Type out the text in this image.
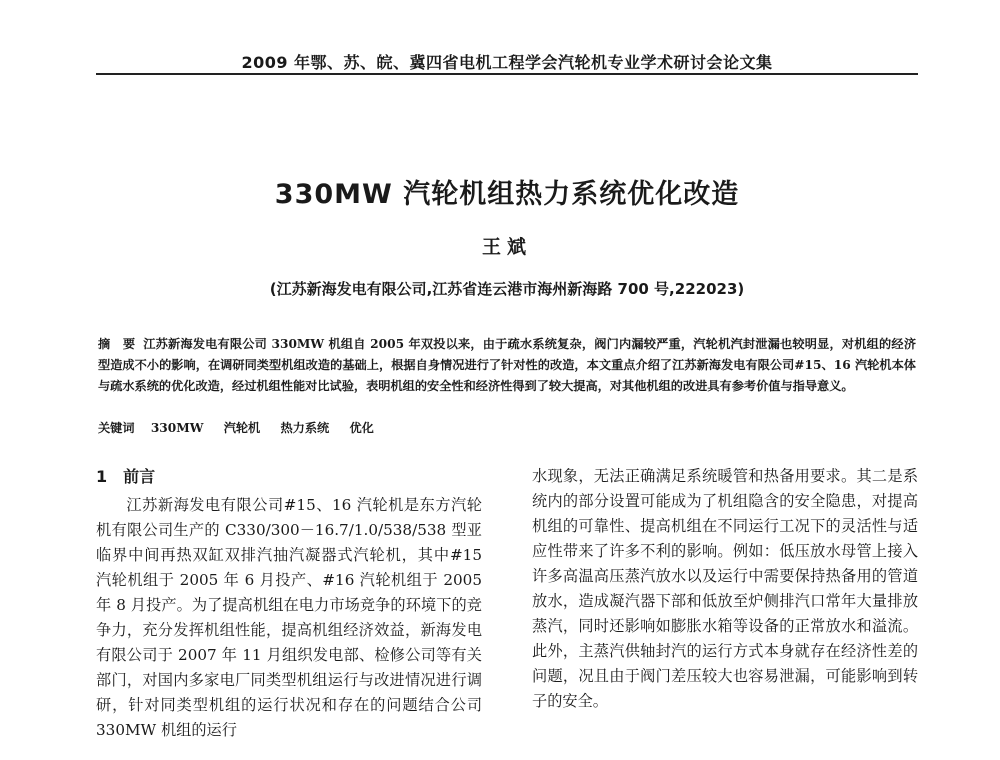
2009 年鄂、苏、皖、冀四省电机工程学会汽轮机专业学术研讨会论文集
330MW 汽轮机组热力系统优化改造
王斌
(江苏新海发电有限公司,江苏省连云港市海州新海路 700 号,222023)
摘 要 江苏新海发电有限公司 330MW 机组自 2005 年双投以来，由于疏水系统复杂，阀门内漏较严重，汽轮机汽封泄漏也较明显，对机组的经济型造成不小的影响，在调研同类型机组改造的基础上，根据自身情况进行了针对性的改造，本文重点介绍了江苏新海发电有限公司#15、16 汽轮机本体与疏水系统的优化改造，经过机组性能对比试验，表明机组的安全性和经济性得到了较大提高，对其他机组的改进具有参考价值与指导意义。
关键词 330MW 汽轮机 热力系统 优化
1 前言

江苏新海发电有限公司#15、16 汽轮机是东方汽轮机有限公司生产的 C330/300－16.7/1.0/538/538 型亚临界中间再热双缸双排汽抽汽凝器式汽轮机，其中#15 汽轮机组于 2005 年 6 月投产、#16 汽轮机组于 2005 年 8 月投产。为了提高机组在电力市场竞争的环境下的竞争力，充分发挥机组性能，提高机组经济效益，新海发电有限公司于 2007 年 11 月组织发电部、检修公司等有关部门，对国内多家电厂同类型机组运行与改进情况进行调研，针对同类型机组的运行状况和存在的问题结合公司 330MW 机组的运行

水现象，无法正确满足系统暖管和热备用要求。其二是系统内的部分设置可能成为了机组隐含的安全隐患，对提高机组的可靠性、提高机组在不同运行工况下的灵活性与适应性带来了许多不利的影响。例如：低压放水母管上接入许多高温高压蒸汽放水以及运行中需要保持热备用的管道放水，造成凝汽器下部和低放至炉侧排汽口常年大量排放蒸汽，同时还影响如膨胀水箱等设备的正常放水和溢流。此外，主蒸汽供轴封汽的运行方式本身就存在经济性差的问题，况且由于阀门差压较大也容易泄漏，可能影响到转子的安全。
